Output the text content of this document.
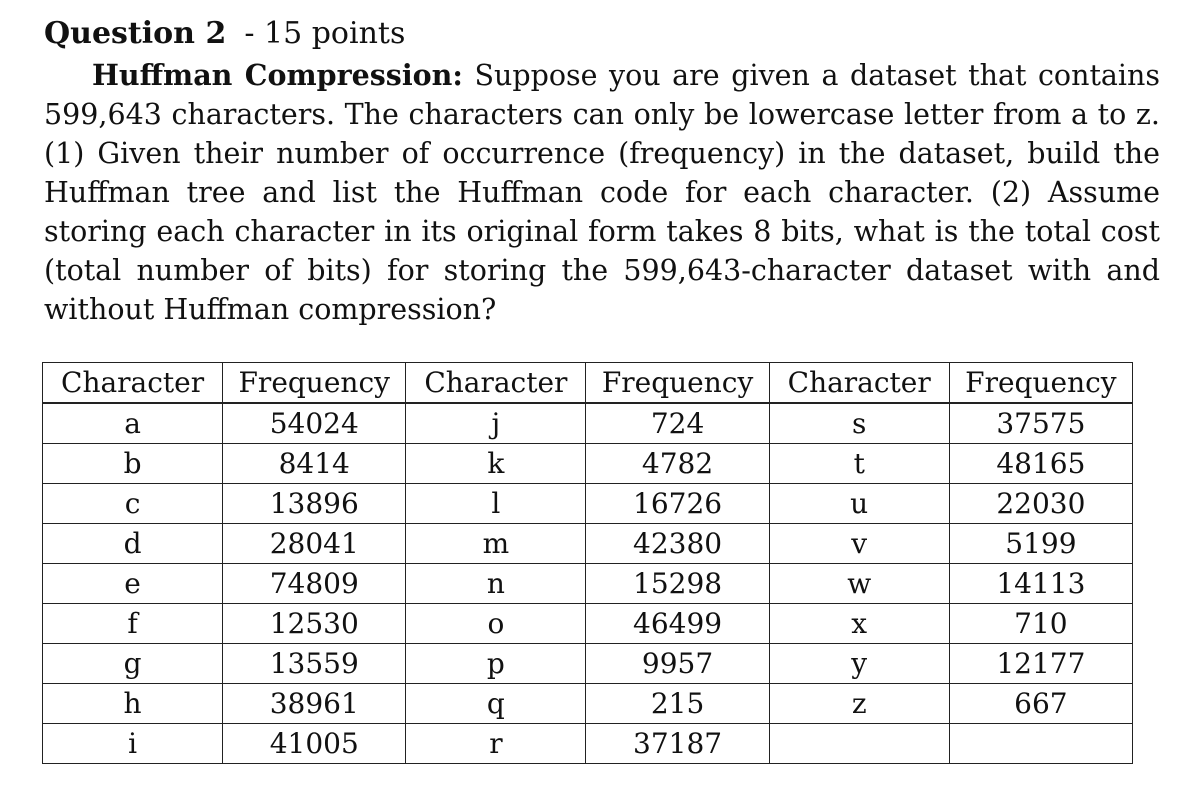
Question 2 - 15 points
Huffman Compression: Suppose you are given a dataset that contains 599,643 characters. The characters can only be lowercase letter from a to z. (1) Given their number of occurrence (frequency) in the dataset, build the Huffman tree and list the Huffman code for each character. (2) Assume storing each character in its original form takes 8 bits, what is the total cost (total number of bits) for storing the 599,643-character dataset with and without Huffman compression?
Character	Frequency	Character	Frequency	Character	Frequency
a	54024	j	724	s	37575
b	8414	k	4782	t	48165
c	13896	l	16726	u	22030
d	28041	m	42380	v	5199
e	74809	n	15298	w	14113
f	12530	o	46499	x	710
g	13559	p	9957	y	12177
h	38961	q	215	z	667
i	41005	r	37187		
